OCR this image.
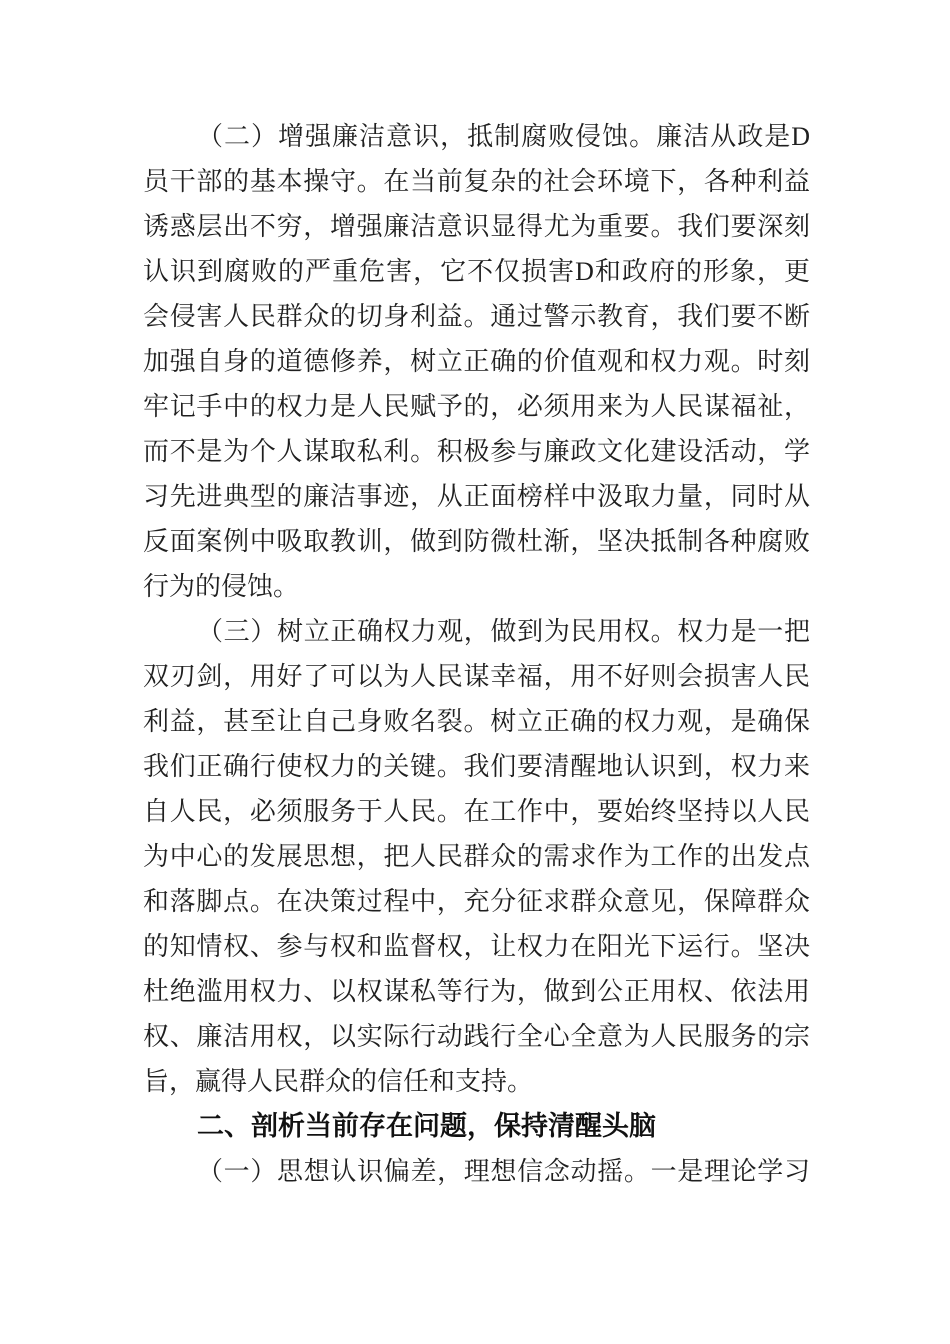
（二）增强廉洁意识，抵制腐败侵蚀。廉洁从政是D
员干部的基本操守。在当前复杂的社会环境下，各种利益
诱惑层出不穷，增强廉洁意识显得尤为重要。我们要深刻
认识到腐败的严重危害，它不仅损害D和政府的形象，更
会侵害人民群众的切身利益。通过警示教育，我们要不断
加强自身的道德修养，树立正确的价值观和权力观。时刻
牢记手中的权力是人民赋予的，必须用来为人民谋福祉，
而不是为个人谋取私利。积极参与廉政文化建设活动，学
习先进典型的廉洁事迹，从正面榜样中汲取力量，同时从
反面案例中吸取教训，做到防微杜渐，坚决抵制各种腐败
行为的侵蚀。
（三）树立正确权力观，做到为民用权。权力是一把
双刃剑，用好了可以为人民谋幸福，用不好则会损害人民
利益，甚至让自己身败名裂。树立正确的权力观，是确保
我们正确行使权力的关键。我们要清醒地认识到，权力来
自人民，必须服务于人民。在工作中，要始终坚持以人民
为中心的发展思想，把人民群众的需求作为工作的出发点
和落脚点。在决策过程中，充分征求群众意见，保障群众
的知情权、参与权和监督权，让权力在阳光下运行。坚决
杜绝滥用权力、以权谋私等行为，做到公正用权、依法用
权、廉洁用权，以实际行动践行全心全意为人民服务的宗
旨，赢得人民群众的信任和支持。
二、剖析当前存在问题，保持清醒头脑
（一）思想认识偏差，理想信念动摇。一是理论学习
